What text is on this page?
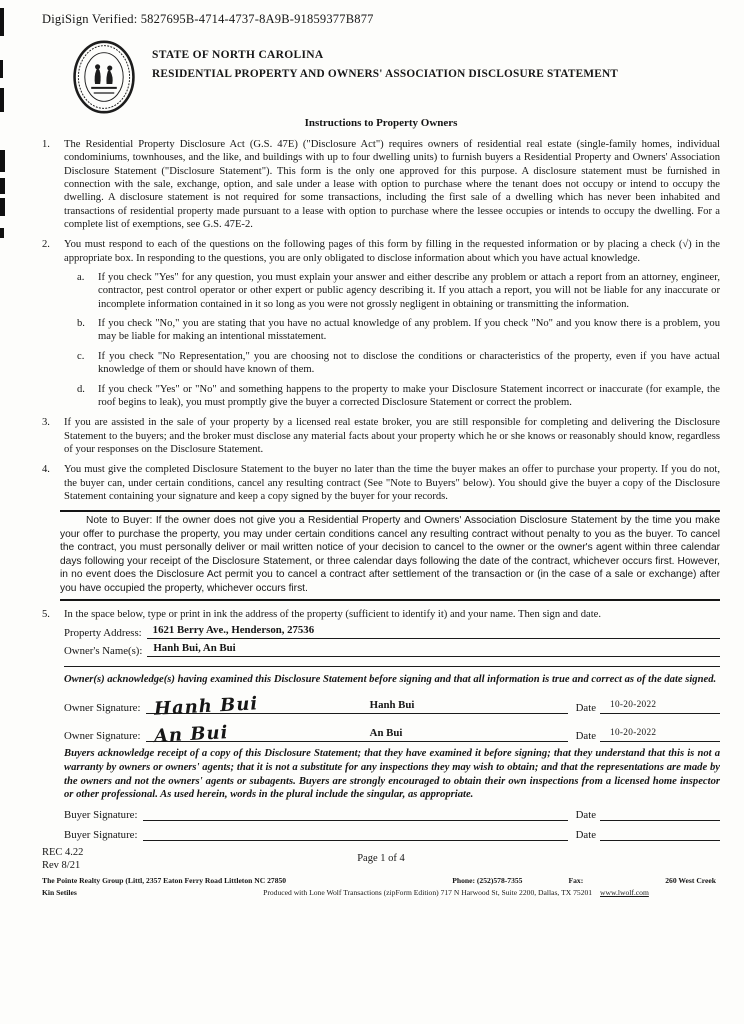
DigiSign Verified: 5827695B-4714-4737-8A9B-91859377B877
STATE OF NORTH CAROLINA
RESIDENTIAL PROPERTY AND OWNERS' ASSOCIATION DISCLOSURE STATEMENT
Instructions to Property Owners
1.	The Residential Property Disclosure Act (G.S. 47E) ("Disclosure Act") requires owners of residential real estate (single-family homes, individual condominiums, townhouses, and the like, and buildings with up to four dwelling units) to furnish buyers a Residential Property and Owners' Association Disclosure Statement ("Disclosure Statement"). This form is the only one approved for this purpose. A disclosure statement must be furnished in connection with the sale, exchange, option, and sale under a lease with option to purchase where the tenant does not occupy or intend to occupy the dwelling. A disclosure statement is not required for some transactions, including the first sale of a dwelling which has never been inhabited and transactions of residential property made pursuant to a lease with option to purchase where the lessee occupies or intends to occupy the dwelling. For a complete list of exemptions, see G.S. 47E-2.
2.	You must respond to each of the questions on the following pages of this form by filling in the requested information or by placing a check (√) in the appropriate box. In responding to the questions, you are only obligated to disclose information about which you have actual knowledge.
a.	If you check "Yes" for any question, you must explain your answer and either describe any problem or attach a report from an attorney, engineer, contractor, pest control operator or other expert or public agency describing it. If you attach a report, you will not be liable for any inaccurate or incomplete information contained in it so long as you were not grossly negligent in obtaining or transmitting the information.
b.	If you check "No," you are stating that you have no actual knowledge of any problem. If you check "No" and you know there is a problem, you may be liable for making an intentional misstatement.
c.	If you check "No Representation," you are choosing not to disclose the conditions or characteristics of the property, even if you have actual knowledge of them or should have known of them.
d.	If you check "Yes" or "No" and something happens to the property to make your Disclosure Statement incorrect or inaccurate (for example, the roof begins to leak), you must promptly give the buyer a corrected Disclosure Statement or correct the problem.
3.	If you are assisted in the sale of your property by a licensed real estate broker, you are still responsible for completing and delivering the Disclosure Statement to the buyers; and the broker must disclose any material facts about your property which he or she knows or reasonably should know, regardless of your responses on the Disclosure Statement.
4.	You must give the completed Disclosure Statement to the buyer no later than the time the buyer makes an offer to purchase your property. If you do not, the buyer can, under certain conditions, cancel any resulting contract (See "Note to Buyers" below). You should give the buyer a copy of the Disclosure Statement containing your signature and keep a copy signed by the buyer for your records.
Note to Buyer: If the owner does not give you a Residential Property and Owners' Association Disclosure Statement by the time you make your offer to purchase the property, you may under certain conditions cancel any resulting contract without penalty to you as the buyer. To cancel the contract, you must personally deliver or mail written notice of your decision to cancel to the owner or the owner's agent within three calendar days following your receipt of the Disclosure Statement, or three calendar days following the date of the contract, whichever occurs first. However, in no event does the Disclosure Act permit you to cancel a contract after settlement of the transaction or (in the case of a sale or exchange) after you have occupied the property, whichever occurs first.
5.	In the space below, type or print in ink the address of the property (sufficient to identify it) and your name. Then sign and date.
Property Address:	1621 Berry Ave., Henderson, 27536
Owner's Name(s):	Hanh Bui, An Bui
Owner(s) acknowledge(s) having examined this Disclosure Statement before signing and that all information is true and correct as of the date signed.
Owner Signature: Hanh Bui	Hanh Bui	Date	10-20-2022
Owner Signature: An Bui	An Bui	Date	10-20-2022
Buyers acknowledge receipt of a copy of this Disclosure Statement; that they have examined it before signing; that they understand that this is not a warranty by owners or owners' agents; that it is not a substitute for any inspections they may wish to obtain; and that the representations are made by the owners and not the owners' agents or subagents. Buyers are strongly encouraged to obtain their own inspections from a licensed home inspector or other professional. As used herein, words in the plural include the singular, as appropriate.
Buyer Signature:	Date
Buyer Signature:	Date
REC 4.22
Page 1 of 4
Rev 8/21
The Pointe Realty Group (Littl, 2357 Eaton Ferry Road Littleton NC 27850	Phone: (252)578-7355	Fax:	260 West Creek
Kin Setiles	Produced with Lone Wolf Transactions (zipForm Edition) 717 N Harwood St, Suite 2200, Dallas, TX 75201 www.lwolf.com
